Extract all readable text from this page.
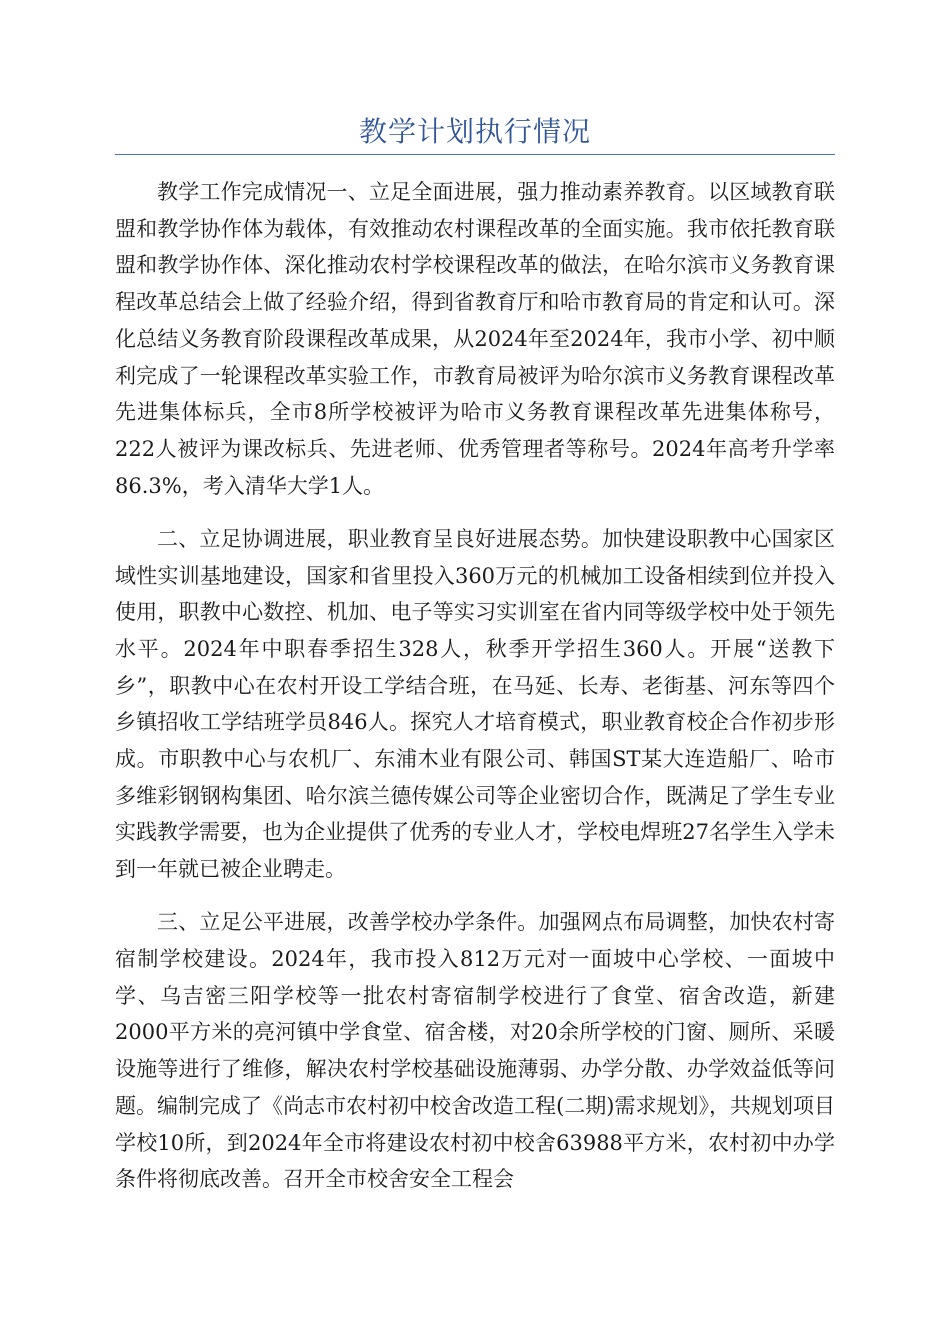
教学计划执行情况

教学工作完成情况一、立足全面进展，强力推动素养教育。以区域教育联盟和教学协作体为载体，有效推动农村课程改革的全面实施。我市依托教育联盟和教学协作体、深化推动农村学校课程改革的做法，在哈尔滨市义务教育课程改革总结会上做了经验介绍，得到省教育厅和哈市教育局的肯定和认可。深化总结义务教育阶段课程改革成果，从2024年至2024年，我市小学、初中顺利完成了一轮课程改革实验工作，市教育局被评为哈尔滨市义务教育课程改革先进集体标兵，全市8所学校被评为哈市义务教育课程改革先进集体称号，222人被评为课改标兵、先进老师、优秀管理者等称号。2024年高考升学率86.3%，考入清华大学1人。

二、立足协调进展，职业教育呈良好进展态势。加快建设职教中心国家区域性实训基地建设，国家和省里投入360万元的机械加工设备相续到位并投入使用，职教中心数控、机加、电子等实习实训室在省内同等级学校中处于领先水平。2024年中职春季招生328人，秋季开学招生360人。开展“送教下乡”，职教中心在农村开设工学结合班，在马延、长寿、老街基、河东等四个乡镇招收工学结班学员846人。探究人才培育模式，职业教育校企合作初步形成。市职教中心与农机厂、东浦木业有限公司、韩国ST某大连造船厂、哈市多维彩钢钢构集团、哈尔滨兰德传媒公司等企业密切合作，既满足了学生专业实践教学需要，也为企业提供了优秀的专业人才，学校电焊班27名学生入学未到一年就已被企业聘走。

三、立足公平进展，改善学校办学条件。加强网点布局调整，加快农村寄宿制学校建设。2024年，我市投入812万元对一面坡中心学校、一面坡中学、乌吉密三阳学校等一批农村寄宿制学校进行了食堂、宿舍改造，新建2000平方米的亮河镇中学食堂、宿舍楼，对20余所学校的门窗、厕所、采暖设施等进行了维修，解决农村学校基础设施薄弱、办学分散、办学效益低等问题。编制完成了《尚志市农村初中校舍改造工程(二期)需求规划》，共规划项目学校10所，到2024年全市将建设农村初中校舍63988平方米，农村初中办学条件将彻底改善。召开全市校舍安全工程会
